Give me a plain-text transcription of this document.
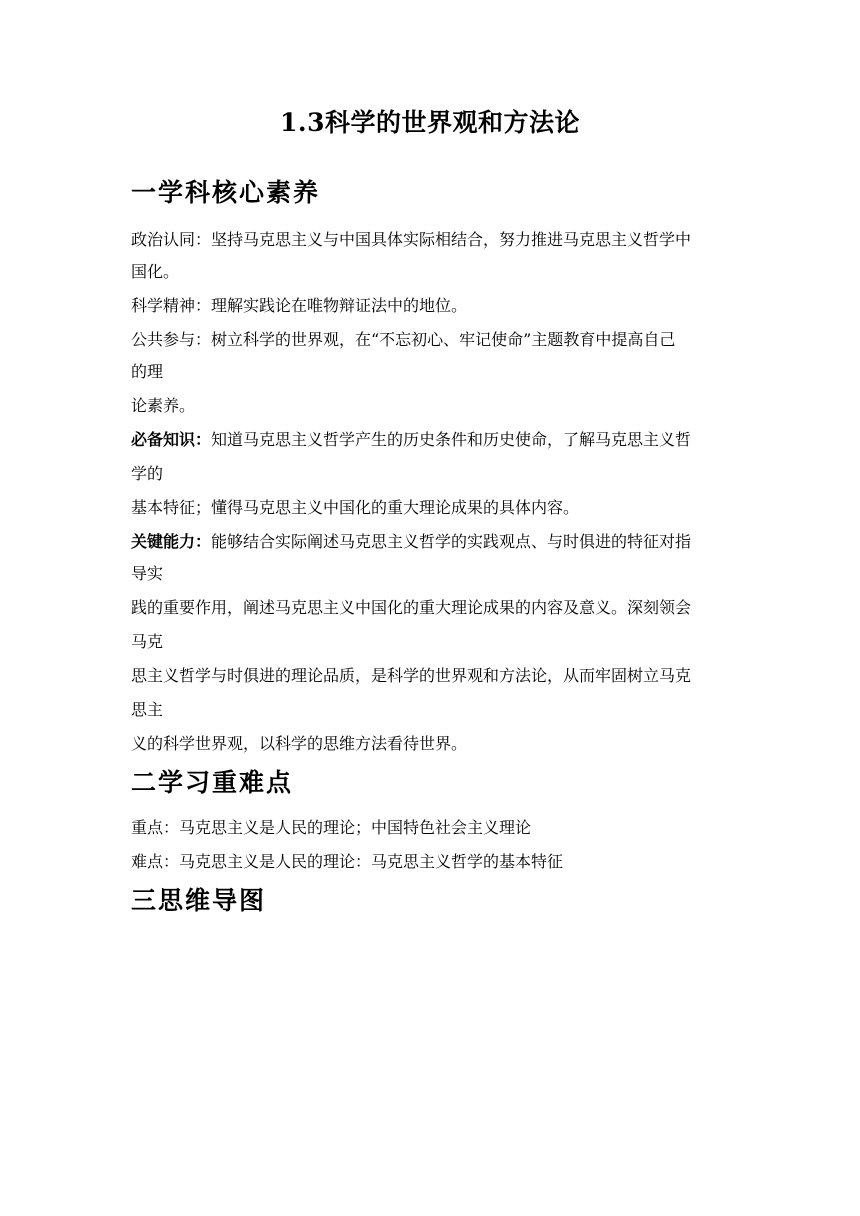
1.3科学的世界观和方法论
一学科核心素养

政治认同：坚持马克思主义与中国具体实际相结合，努力推进马克思主义哲学中

国化。

科学精神：理解实践论在唯物辩证法中的地位。

公共参与：树立科学的世界观，在“不忘初心、牢记使命”主题教育中提高自己

的理

论素养。

必备知识：知道马克思主义哲学产生的历史条件和历史使命，了解马克思主义哲

学的

基本特征；懂得马克思主义中国化的重大理论成果的具体内容。

关键能力：能够结合实际阐述马克思主义哲学的实践观点、与时俱进的特征对指

导实

践的重要作用，阐述马克思主义中国化的重大理论成果的内容及意义。深刻领会

马克

思主义哲学与时俱进的理论品质，是科学的世界观和方法论，从而牢固树立马克

思主

义的科学世界观，以科学的思维方法看待世界。

二学习重难点

重点：马克思主义是人民的理论；中国特色社会主义理论

难点：马克思主义是人民的理论：马克思主义哲学的基本特征

三思维导图
